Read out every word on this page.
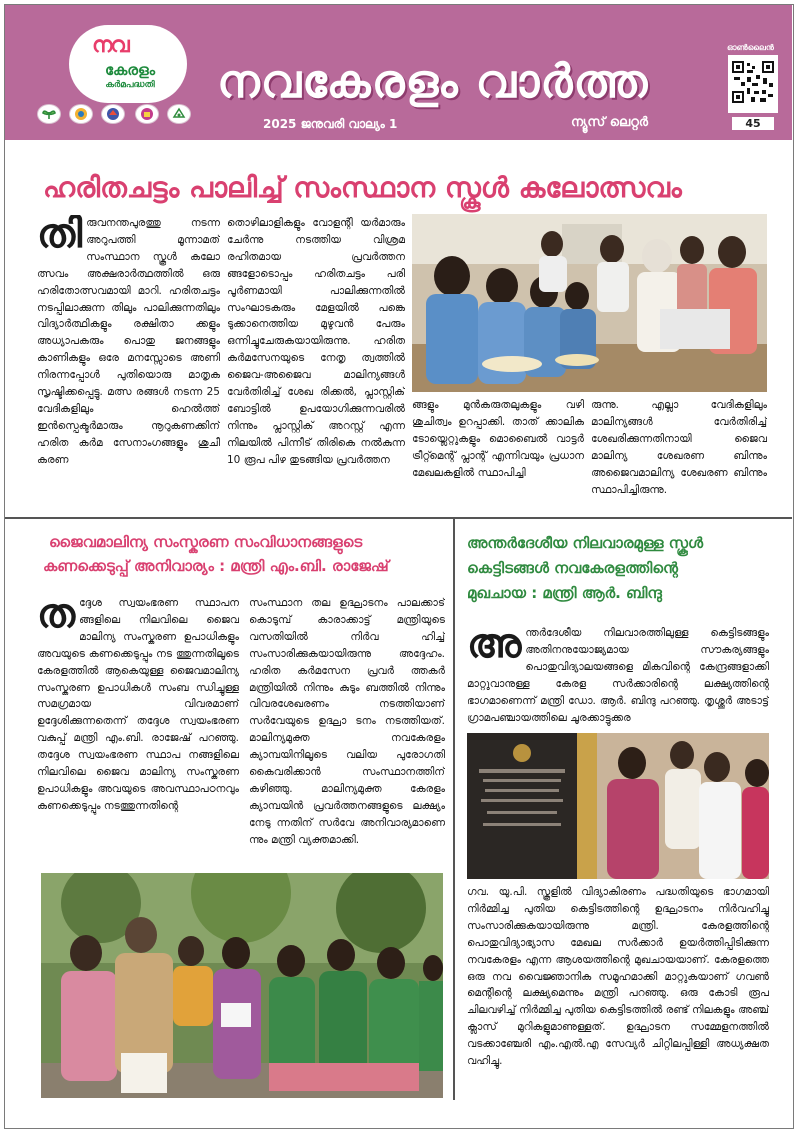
നവ
കേരളം
കർമപദ്ധതി	നവകേരളം വാർത്ത
2025 ജനുവരി വാല്യം 1	ന്യൂസ് ലെറ്റർ
ഓൺലൈൻ
45
ഹരിതചട്ടം പാലിച്ച് സംസ്ഥാന സ്കൂൾ കലോത്സവം
തിരുവനന്തപുരത്തു നടന്ന അറുപത്തി മൂന്നാമത് സംസ്ഥാന സ്കൂൾ കലോ ത്സവം അക്ഷരാർത്ഥത്തിൽ ഒരു ഹരിതോത്സവമായി മാറി. ഹരിതചട്ടം നടപ്പിലാക്കുന്ന തിലും പാലിക്കുന്നതിലും വിദ്യാർത്ഥികളും രക്ഷിതാ ക്കളും അധ്യാപകരും പൊതു ജനങ്ങളും കാണികളും ഒരേ മനസ്സോടെ അണി നിരന്നപ്പോൾ പുതിയൊരു മാതൃക സൃഷ്ടിക്കപ്പെട്ടു. മത്സ രങ്ങൾ നടന്ന 25 വേദികളിലും ഹെൽത്ത് ഇൻസ്പെക്ടർമാരും നൂറുകണക്കിന് ഹരിത കർമ സേനാംഗങ്ങളും ശുചീ കരണ
തൊഴിലാളികളും വോളന്റി യർമാരും ചേർന്നു നടത്തിയ വിശ്രമ രഹിതമായ പ്രവർത്തന ങ്ങളോടൊപ്പം ഹരിതചട്ടം പരി പൂർണമായി പാലിക്കുന്നതിൽ സംഘാടകരും മേളയിൽ പങ്കെ ടുക്കാനെത്തിയ മുഴുവൻ പേരും ഒന്നിച്ചുചേരുകയായിരുന്നു. ഹരിത കർമസേനയുടെ നേതൃ ത്വത്തിൽ ജൈവ-അജൈവ മാലിന്യങ്ങൾ വേർതിരിച്ച് ശേഖ രിക്കൽ, പ്ലാസ്റ്റിക് ബോട്ടിൽ ഉപയോഗിക്കുന്നവരിൽ നിന്നും പ്ലാസ്റ്റിക് അറസ്റ്റ് എന്ന നിലയിൽ പിന്നീട് തിരികെ നൽകുന്ന 10 രൂപ പിഴ തുടങ്ങിയ പ്രവർത്തന
ങ്ങളും മുൻകരുതലുകളും വഴി ശുചിത്വം ഉറപ്പാക്കി. താത് ക്കാലിക ടോയ്ലെറ്റുകളും മൊബൈൽ വാട്ടർ ട്രീറ്റ്മെന്റ് പ്ലാന്റ് എന്നിവയും പ്രധാന മേഖലകളിൽ സ്ഥാപിച്ചി
രുന്നു. എല്ലാ വേദികളിലും മാലിന്യങ്ങൾ വേർതിരിച്ച് ശേഖരിക്കുന്നതിനായി ജൈവ മാലിന്യ ശേഖരണ ബിന്നും അജൈവമാലിന്യ ശേഖരണ ബിന്നും സ്ഥാപിച്ചിരുന്നു.
ജൈവമാലിന്യ സംസ്കരണ സംവിധാനങ്ങളുടെ
കണക്കെടുപ്പ് അനിവാര്യം : മന്ത്രി എം.ബി. രാജേഷ്
തദ്ദേശ സ്വയംഭരണ സ്ഥാപന ങ്ങളിലെ നിലവിലെ ജൈവ മാലിന്യ സംസ്കരണ ഉപാധികളും അവയുടെ കണക്കെടുപ്പും നട ത്തുന്നതിലൂടെ കേരളത്തിൽ ആകെയുള്ള ജൈവമാലിന്യ സംസ്കരണ ഉപാധികൾ സംബ ന്ധിച്ചുള്ള സമഗ്രമായ വിവരമാണ് ഉദ്ദേശിക്കുന്നതെന്ന് തദ്ദേശ സ്വയംഭരണ വകുപ്പ് മന്ത്രി എം.ബി. രാജേഷ് പറഞ്ഞു. തദ്ദേശ സ്വയംഭരണ സ്ഥാപ നങ്ങളിലെ നിലവിലെ ജൈവ മാലിന്യ സംസ്കരണ ഉപാധികളും അവയുടെ അവസ്ഥാപഠനവും കണക്കെടുപ്പും നടത്തുന്നതിന്റെ
സംസ്ഥാന തല ഉദ്ഘാടനം പാലക്കാട് കൊടുമ്പ് കാരാക്കാട്ട് മന്ത്രിയുടെ വസതിയിൽ നിർവ ഹിച്ച് സംസാരിക്കുകയായിരുന്നു അദ്ദേഹം. ഹരിത കർമസേന പ്രവർ ത്തകർ മന്ത്രിയിൽ നിന്നും കുടും ബത്തിൽ നിന്നും വിവരശേഖരണം നടത്തിയാണ് സർവേയുടെ ഉദ്ഘാ ടനം നടത്തിയത്. മാലിന്യമുക്ത നവകേരളം ക്യാമ്പയിനിലൂടെ വലിയ പുരോഗതി കൈവരിക്കാൻ സംസ്ഥാനത്തിന് കഴിഞ്ഞു. മാലിന്യമുക്ത കേരളം ക്യാമ്പയിൻ പ്രവർത്തനങ്ങളുടെ ലക്ഷ്യം നേടു ന്നതിന് സർവേ അനിവാര്യമാണെ ന്നും മന്ത്രി വ്യക്തമാക്കി.
അന്തർദേശീയ നിലവാരമുള്ള സ്കൂൾ
കെട്ടിടങ്ങൾ നവകേരളത്തിന്റെ
മുഖചായ : മന്ത്രി ആർ. ബിന്ദു
അന്തർദേശീയ നിലവാരത്തിലുള്ള കെട്ടിടങ്ങളും അതിനനുയോജ്യമായ സൗകര്യങ്ങളും പൊതുവിദ്യാലയങ്ങളെ മികവിന്റെ കേന്ദ്രങ്ങളാക്കി മാറ്റുവാനുള്ള കേരള സർക്കാരിന്റെ ലക്ഷ്യത്തിന്റെ ഭാഗമാണെന്ന് മന്ത്രി ഡോ. ആർ. ബിന്ദു പറഞ്ഞു. തൃശ്ശൂർ അടാട്ട് ഗ്രാമപഞ്ചായത്തിലെ ചൂരക്കാട്ടുക്കര
ഗവ. യു.പി. സ്കൂളിൽ വിദ്യാകിരണം പദ്ധതിയുടെ ഭാഗമായി നിർമ്മിച്ച പുതിയ കെട്ടിടത്തിന്റെ ഉദ്ഘാടനം നിർവഹിച്ചു സംസാരിക്കുകയായിരുന്നു മന്ത്രി. കേരളത്തിന്റെ പൊതുവിദ്യാഭ്യാസ മേഖല സർക്കാർ ഉയർത്തിപ്പിടിക്കുന്ന നവകേരളം എന്ന ആശയത്തിന്റെ മുഖചായയാണ്. കേരളത്തെ ഒരു നവ വൈജ്ഞാനിക സമൂഹമാക്കി മാറ്റുകയാണ് ഗവൺ മെന്റിന്റെ ലക്ഷ്യമെന്നും മന്ത്രി പറഞ്ഞു. ഒരു കോടി രൂപ ചിലവഴിച്ച് നിർമ്മിച്ച പുതിയ കെട്ടിടത്തിൽ രണ്ട് നിലകളും അഞ്ച് ക്ലാസ് മുറികളുമാണുള്ളത്. ഉദ്ഘാടന സമ്മേളനത്തിൽ വടക്കാഞ്ചേരി എം.എൽ.എ സേവ്യർ ചിറ്റിലപ്പിള്ളി അധ്യക്ഷത വഹിച്ചു.
